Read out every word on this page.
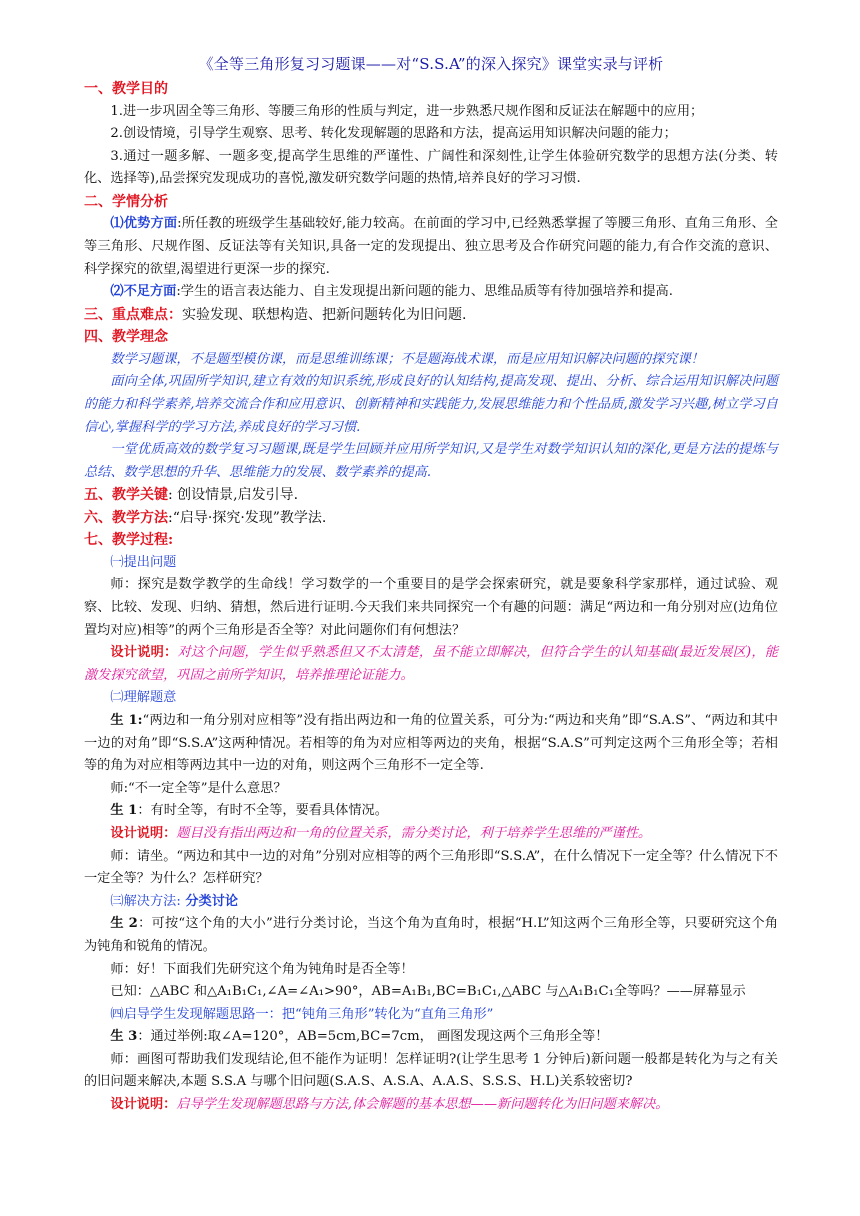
《全等三角形复习习题课——对“S.S.A”的深入探究》课堂实录与评析
一、教学目的
1.进一步巩固全等三角形、等腰三角形的性质与判定，进一步熟悉尺规作图和反证法在解题中的应用；
2.创设情境，引导学生观察、思考、转化发现解题的思路和方法，提高运用知识解决问题的能力；
3.通过一题多解、一题多变,提高学生思维的严谨性、广阔性和深刻性,让学生体验研究数学的思想方法(分类、转化、选择等),品尝探究发现成功的喜悦,激发研究数学问题的热情,培养良好的学习习惯.
二、学情分析
⑴优势方面:所任教的班级学生基础较好,能力较高。在前面的学习中,已经熟悉掌握了等腰三角形、直角三角形、全等三角形、尺规作图、反证法等有关知识,具备一定的发现提出、独立思考及合作研究问题的能力,有合作交流的意识、科学探究的欲望,渴望进行更深一步的探究.
⑵不足方面:学生的语言表达能力、自主发现提出新问题的能力、思维品质等有待加强培养和提高.
三、重点难点：实验发现、联想构造、把新问题转化为旧问题.
四、教学理念
数学习题课，不是题型模仿课，而是思维训练课；不是题海战术课，而是应用知识解决问题的探究课！
面向全体,巩固所学知识,建立有效的知识系统,形成良好的认知结构,提高发现、提出、分析、综合运用知识解决问题的能力和科学素养,培养交流合作和应用意识、创新精神和实践能力,发展思维能力和个性品质,激发学习兴趣,树立学习自信心,掌握科学的学习方法,养成良好的学习习惯.
一堂优质高效的数学复习习题课,既是学生回顾并应用所学知识,又是学生对数学知识认知的深化,更是方法的提炼与总结、数学思想的升华、思维能力的发展、数学素养的提高.
五、教学关键: 创设情景,启发引导.
六、教学方法:“启导·探究·发现”教学法.
七、教学过程:
㈠提出问题
师：探究是数学教学的生命线！学习数学的一个重要目的是学会探索研究，就是要象科学家那样，通过试验、观察、比较、发现、归纳、猜想，然后进行证明.今天我们来共同探究一个有趣的问题：满足“两边和一角分别对应(边角位置均对应)相等”的两个三角形是否全等？对此问题你们有何想法？
设计说明：对这个问题，学生似乎熟悉但又不太清楚，虽不能立即解决，但符合学生的认知基础(最近发展区)，能激发探究欲望，巩固之前所学知识，培养推理论证能力。
㈡理解题意
生 1:“两边和一角分别对应相等”没有指出两边和一角的位置关系，可分为:“两边和夹角”即“S.A.S”、“两边和其中一边的对角”即“S.S.A”这两种情况。若相等的角为对应相等两边的夹角，根据“S.A.S”可判定这两个三角形全等；若相等的角为对应相等两边其中一边的对角，则这两个三角形不一定全等.
师:“不一定全等”是什么意思？
生 1：有时全等，有时不全等，要看具体情况。
设计说明：题目没有指出两边和一角的位置关系，需分类讨论，利于培养学生思维的严谨性。
师：请坐。“两边和其中一边的对角”分别对应相等的两个三角形即“S.S.A”，在什么情况下一定全等？什么情况下不一定全等？为什么？怎样研究？
㈢解决方法: 分类讨论
生 2：可按“这个角的大小”进行分类讨论，当这个角为直角时，根据“H.L”知这两个三角形全等，只要研究这个角为钝角和锐角的情况。
师：好！下面我们先研究这个角为钝角时是否全等！
已知：△ABC 和△A₁B₁C₁,∠A=∠A₁>90°，AB=A₁B₁,BC=B₁C₁,△ABC 与△A₁B₁C₁全等吗？——屏幕显示
㈣启导学生发现解题思路一：把“钝角三角形”转化为“直角三角形”
生 3：通过举例:取∠A=120°，AB=5cm,BC=7cm， 画图发现这两个三角形全等！
师：画图可帮助我们发现结论,但不能作为证明！怎样证明?(让学生思考 1 分钟后)新问题一般都是转化为与之有关的旧问题来解决,本题 S.S.A 与哪个旧问题(S.A.S、A.S.A、A.A.S、S.S.S、H.L)关系较密切?
设计说明：启导学生发现解题思路与方法,体会解题的基本思想——新问题转化为旧问题来解决。
